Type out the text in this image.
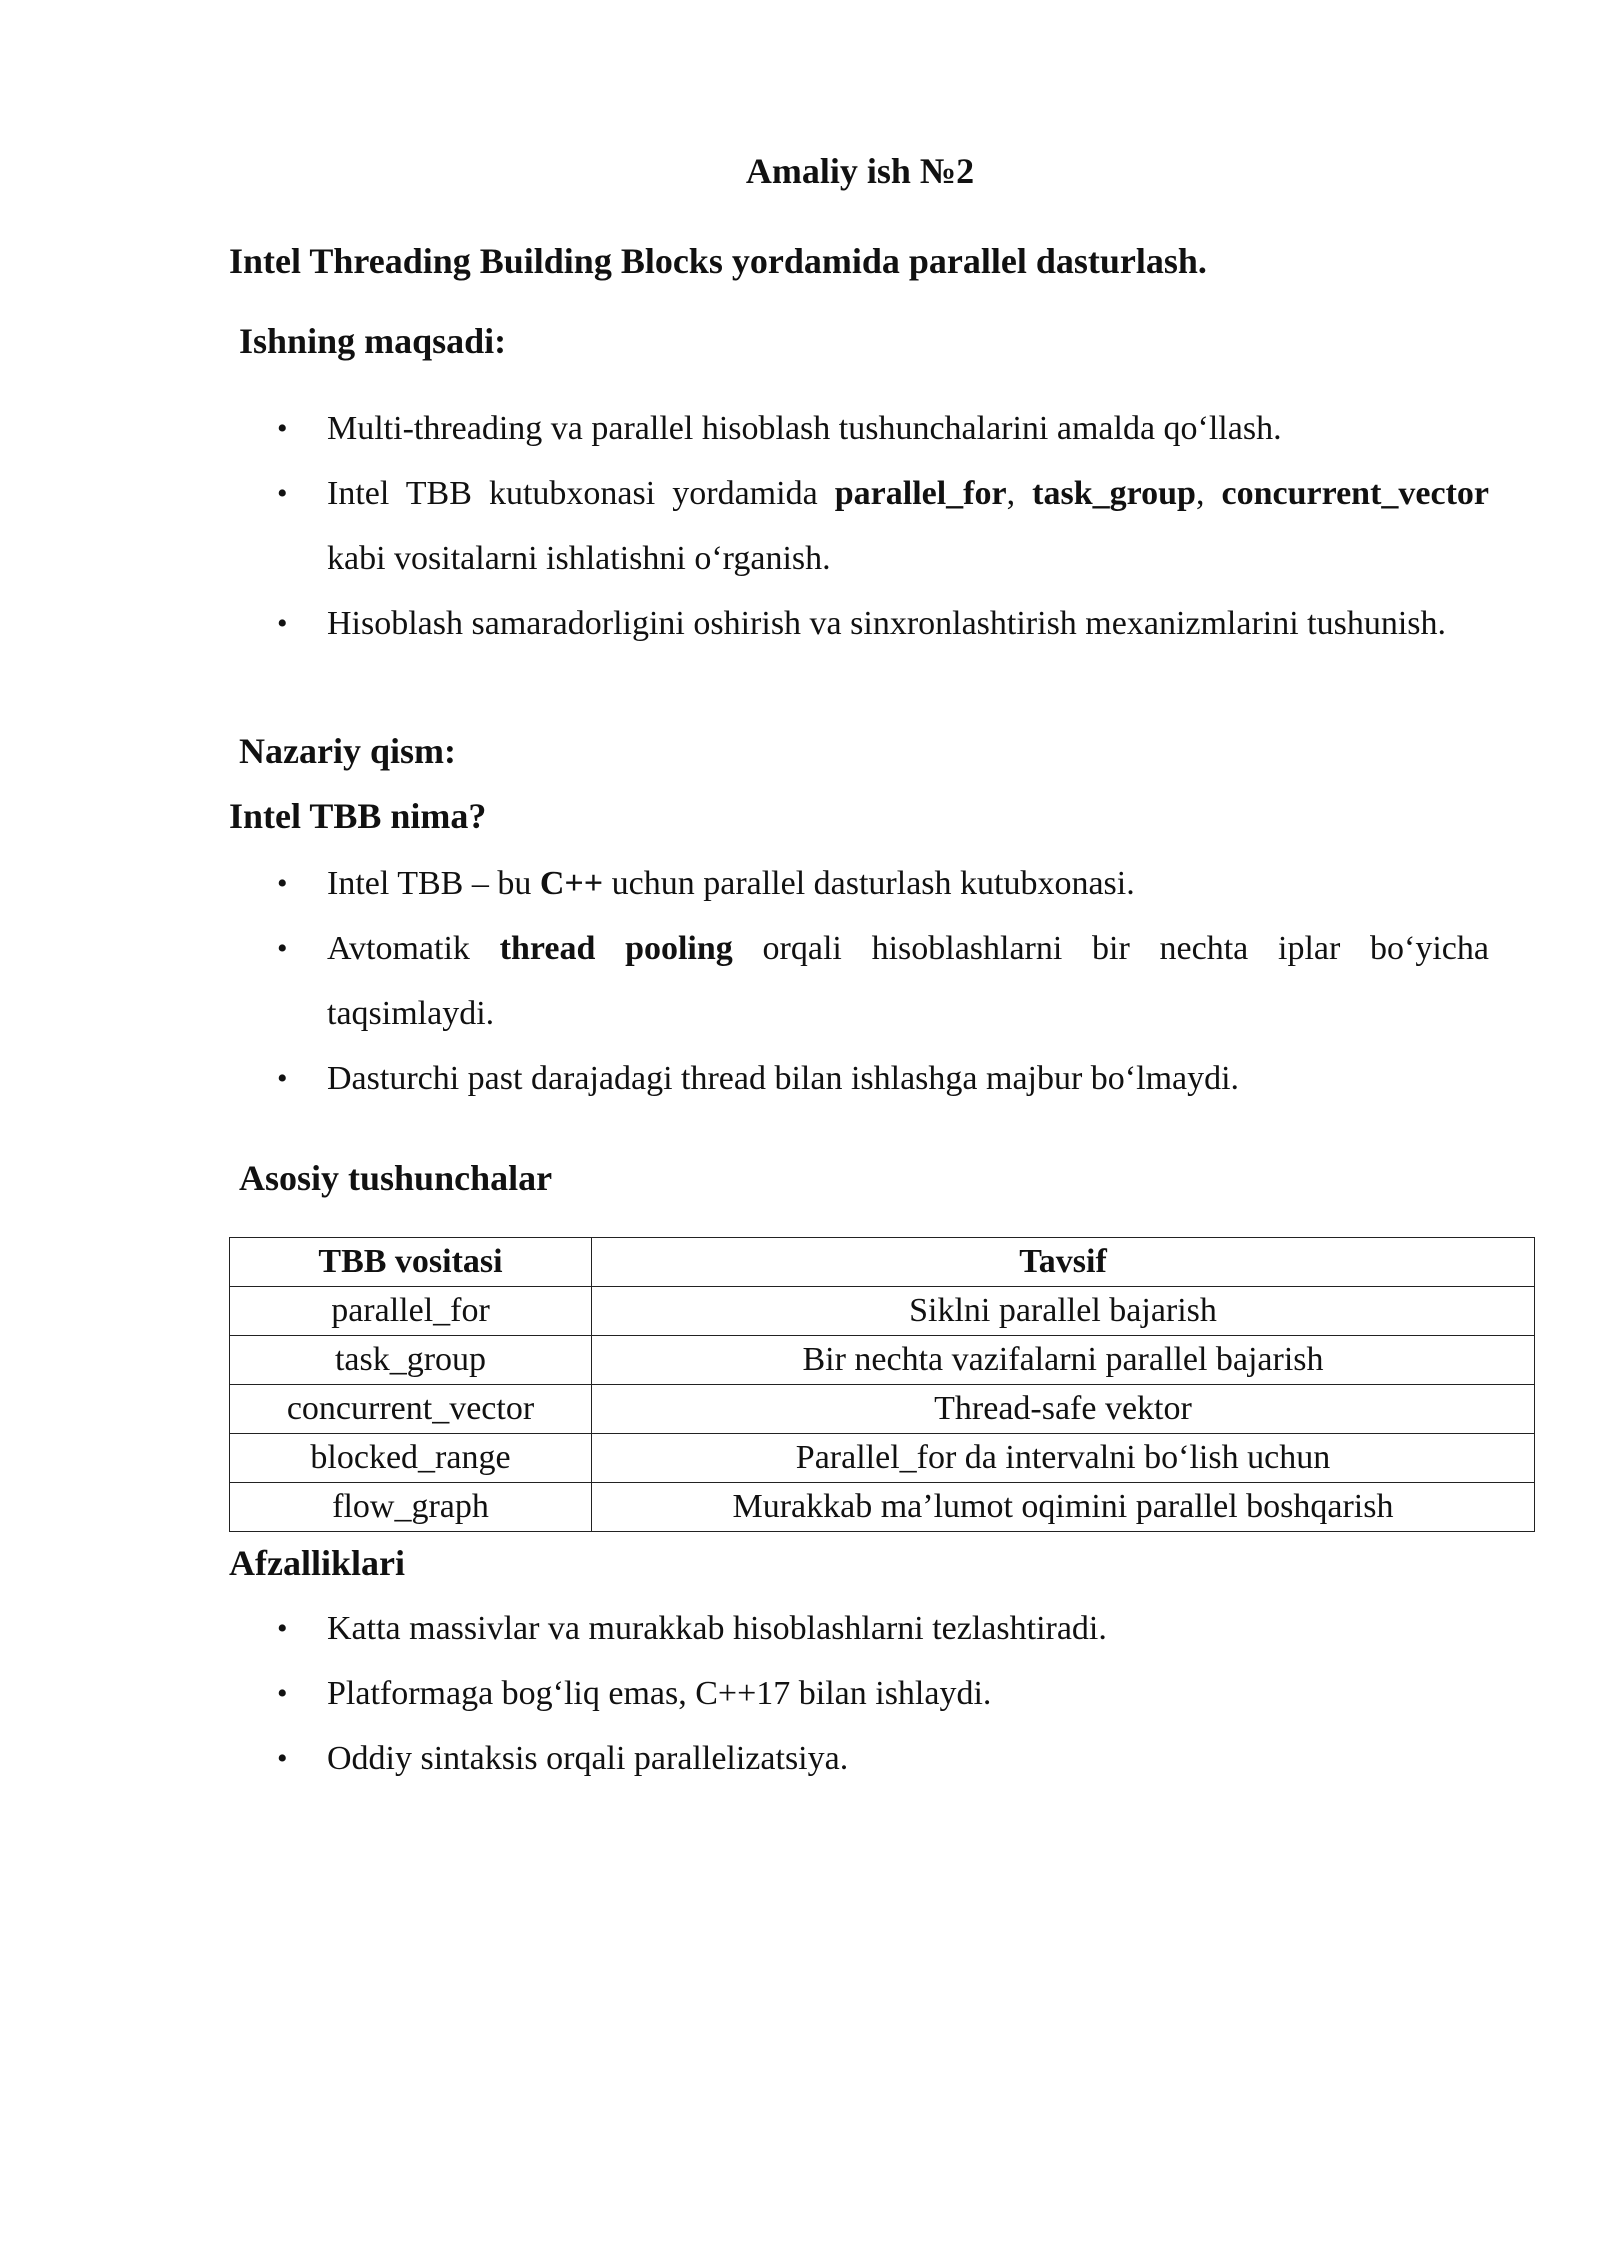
Amaliy ish №2
Intel Threading Building Blocks yordamida parallel dasturlash.
Ishning maqsadi:
• Multi-threading va parallel hisoblash tushunchalarini amalda qo‘llash.
• Intel TBB kutubxonasi yordamida parallel_for, task_group, concurrent_vector kabi vositalarni ishlatishni o‘rganish.
• Hisoblash samaradorligini oshirish va sinxronlashtirish mexanizmlarini tushunish.
Nazariy qism:
Intel TBB nima?
• Intel TBB – bu C++ uchun parallel dasturlash kutubxonasi.
• Avtomatik thread pooling orqali hisoblashlarni bir nechta iplar bo‘yicha taqsimlaydi.
• Dasturchi past darajadagi thread bilan ishlashga majbur bo‘lmaydi.
Asosiy tushunchalar
TBB vositasi	Tavsif
parallel_for	Siklni parallel bajarish
task_group	Bir nechta vazifalarni parallel bajarish
concurrent_vector	Thread-safe vektor
blocked_range	Parallel_for da intervalni bo‘lish uchun
flow_graph	Murakkab ma’lumot oqimini parallel boshqarish
Afzalliklari
• Katta massivlar va murakkab hisoblashlarni tezlashtiradi.
• Platformaga bog‘liq emas, C++17 bilan ishlaydi.
• Oddiy sintaksis orqali parallelizatsiya.
